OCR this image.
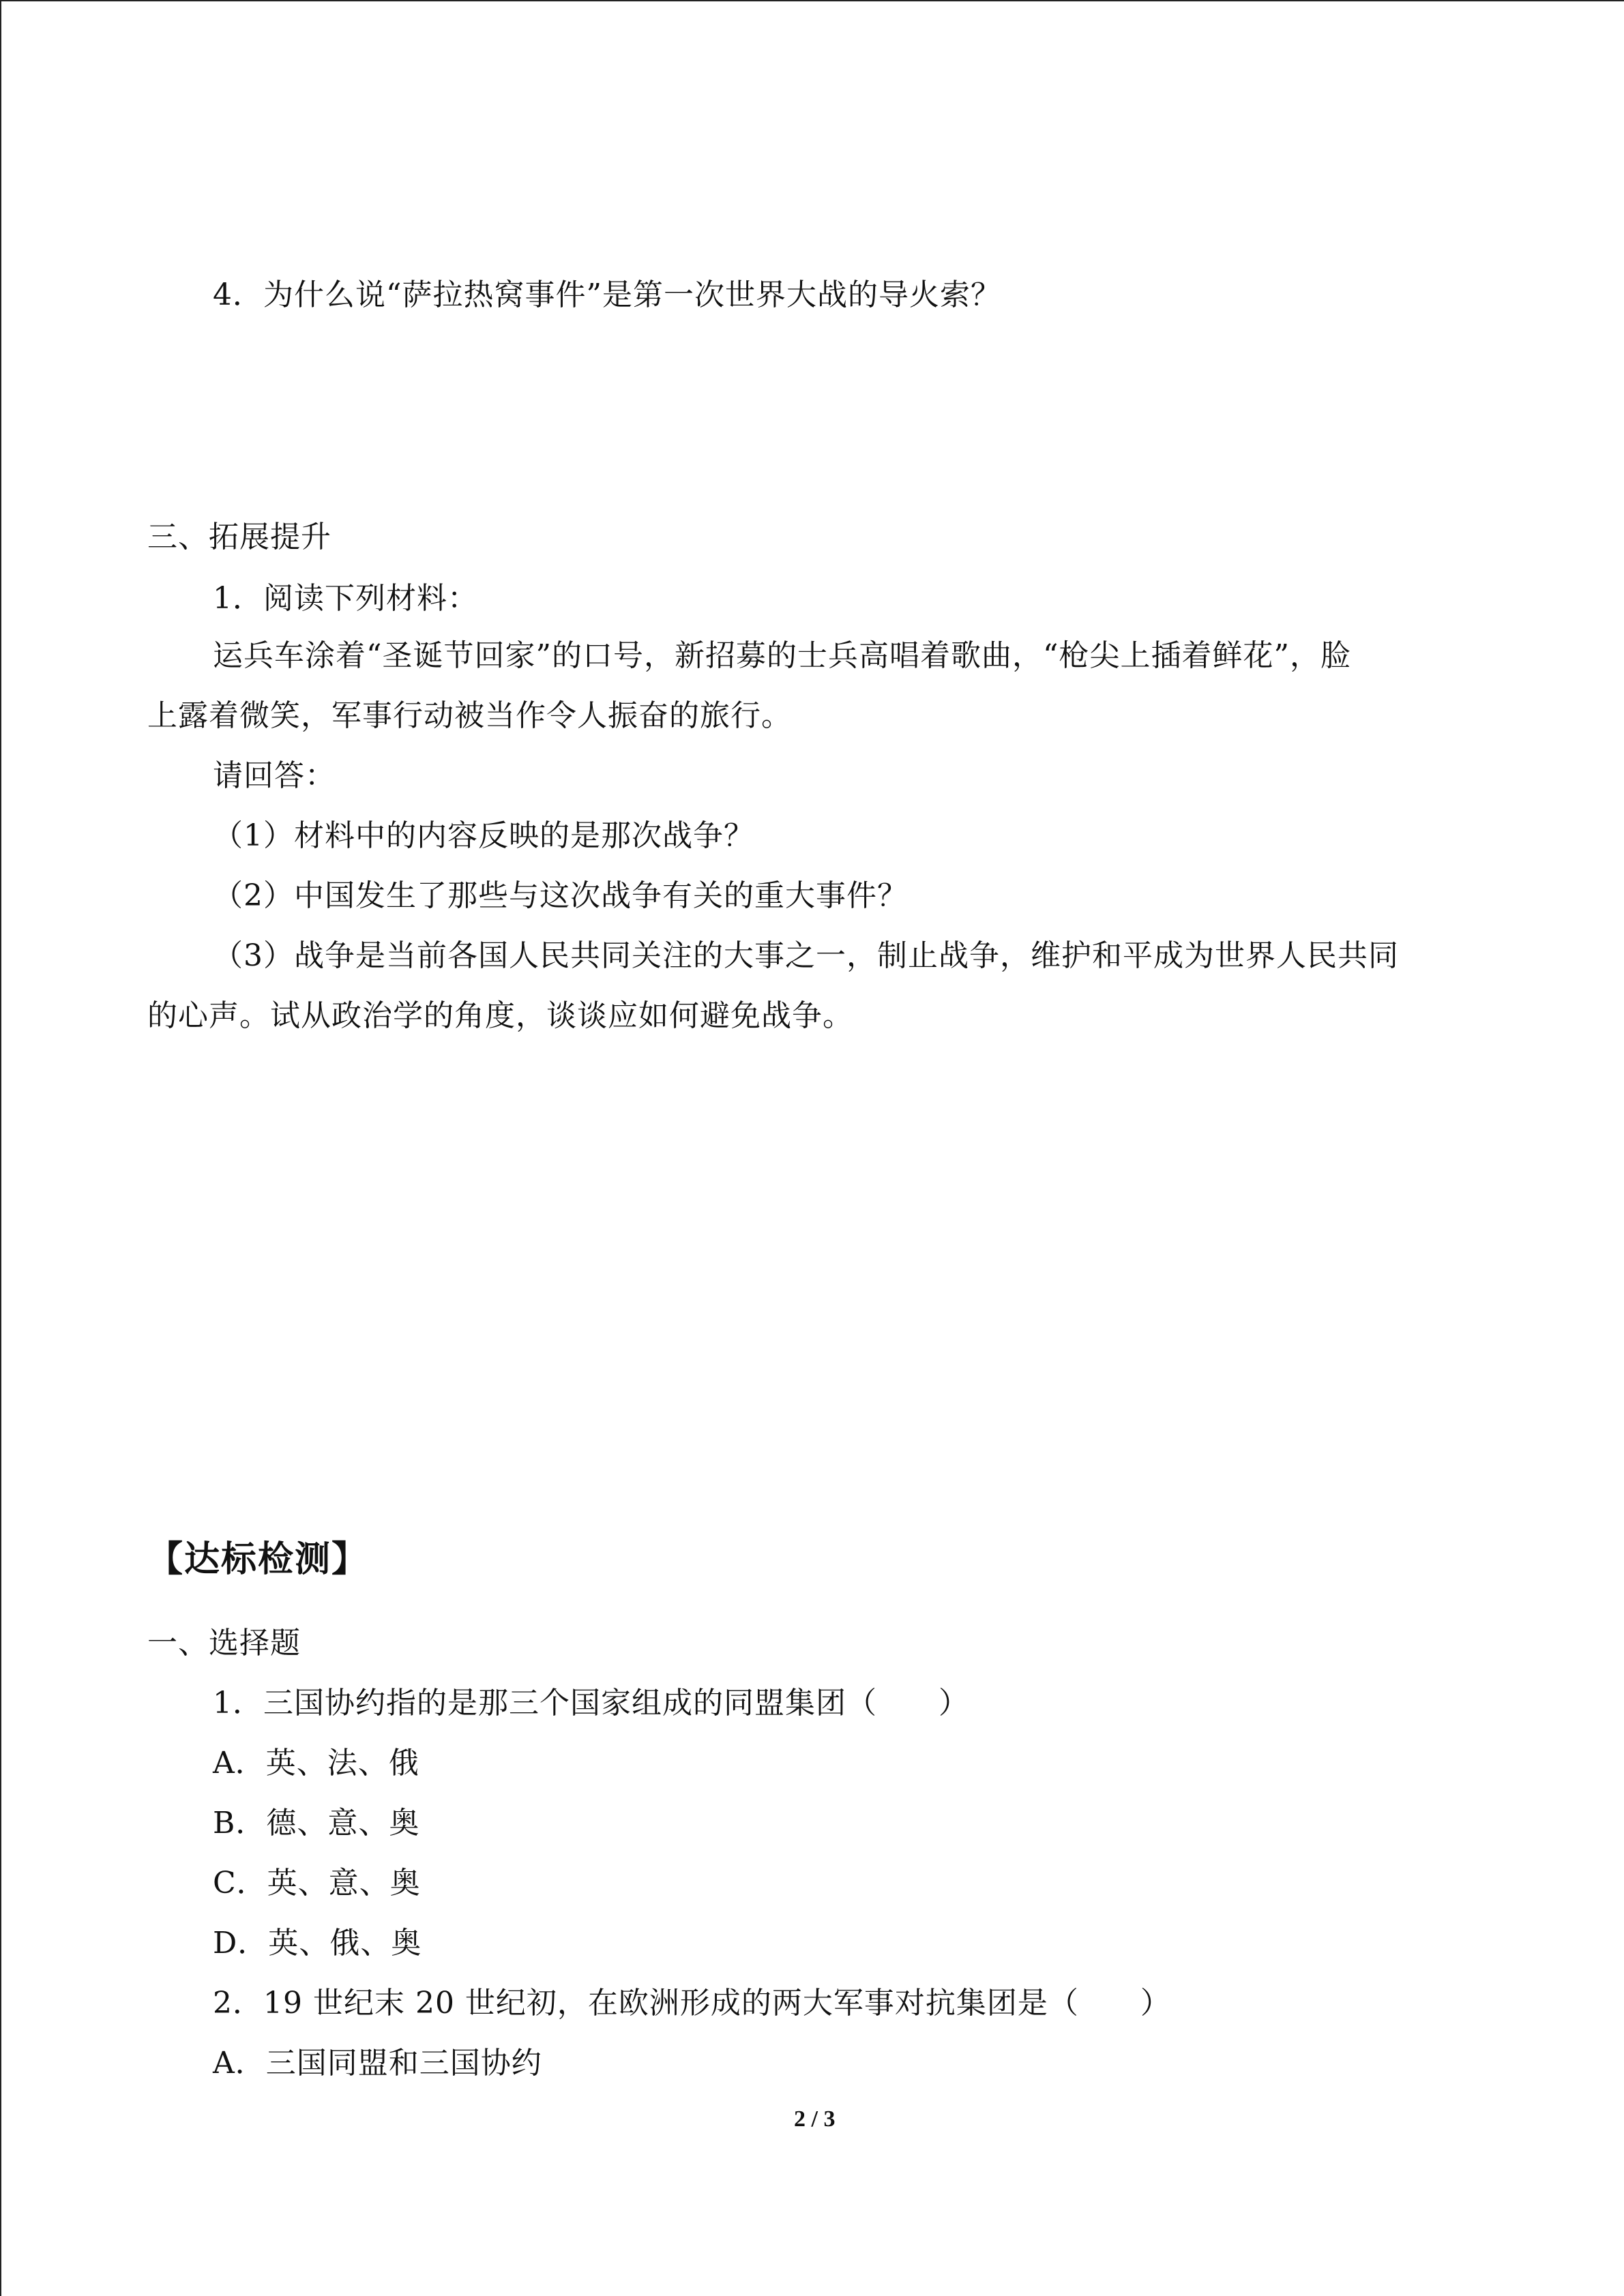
4．为什么说“萨拉热窝事件”是第一次世界大战的导火索？
三、拓展提升
1．阅读下列材料：
运兵车涂着“圣诞节回家”的口号，新招募的士兵高唱着歌曲，“枪尖上插着鲜花”，脸
上露着微笑，军事行动被当作令人振奋的旅行。
请回答：
（1）材料中的内容反映的是那次战争？
（2）中国发生了那些与这次战争有关的重大事件？
（3）战争是当前各国人民共同关注的大事之一，制止战争，维护和平成为世界人民共同
的心声。试从政治学的角度，谈谈应如何避免战争。
【达标检测】
一、选择题
1．三国协约指的是那三个国家组成的同盟集团（　　）
A．英、法、俄
B．德、意、奥
C．英、意、奥
D．英、俄、奥
2．19 世纪末 20 世纪初，在欧洲形成的两大军事对抗集团是（　　）
A．三国同盟和三国协约
2 / 3
